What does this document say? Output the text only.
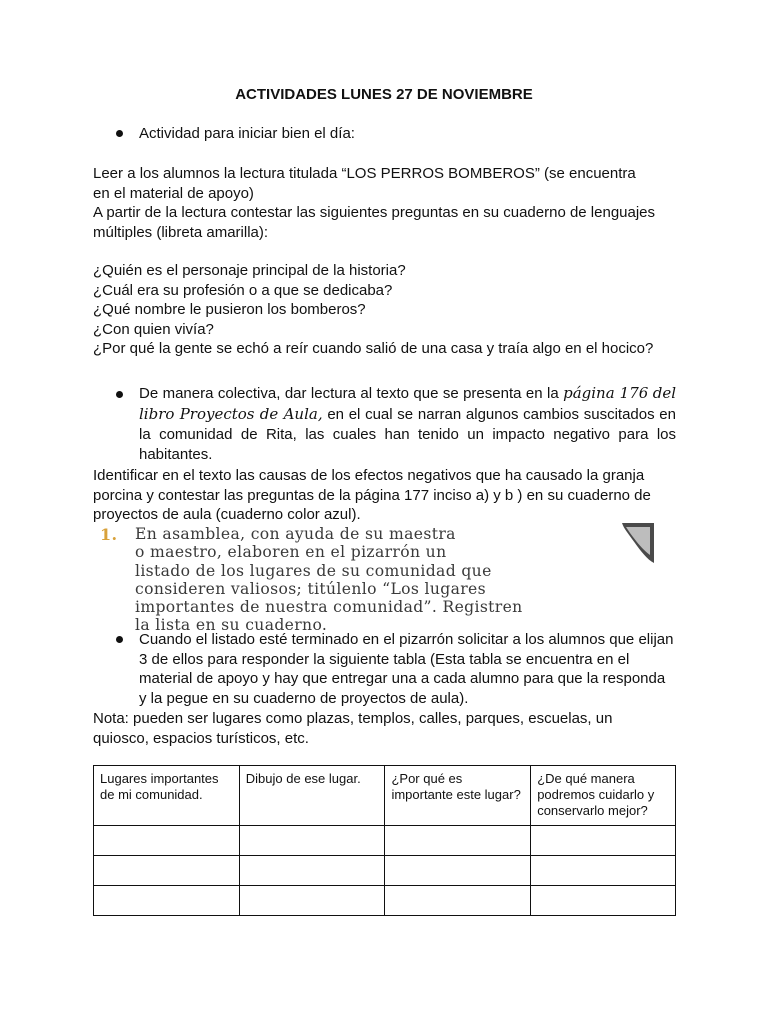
ACTIVIDADES LUNES 27 DE NOVIEMBRE
Actividad para iniciar bien el día:

Leer a los alumnos la lectura titulada “LOS PERROS BOMBEROS” (se encuentra

en el material de apoyo)

A partir de la lectura contestar las siguientes preguntas en su cuaderno de lenguajes

múltiples (libreta amarilla):

¿Quién es el personaje principal de la historia?

¿Cuál era su profesión o a que se dedicaba?

¿Qué nombre le pusieron los bomberos?

¿Con quien vivía?

¿Por qué la gente se echó a reír cuando salió de una casa y traía algo en el hocico?

De manera colectiva, dar lectura al texto que se presenta en la página 176 del libro Proyectos de Aula, en el cual se narran algunos cambios suscitados en la comunidad de Rita, las cuales han tenido un impacto negativo para los habitantes.

Identificar en el texto las causas de los efectos negativos que ha causado la granja

porcina y contestar las preguntas de la página 177 inciso a) y b ) en su cuaderno de

proyectos de aula (cuaderno color azul).

1. En asamblea, con ayuda de su maestra
o maestro, elaboren en el pizarrón un
listado de los lugares de su comunidad que
consideren valiosos; titúlenlo “Los lugares
importantes de nuestra comunidad”. Registren
la lista en su cuaderno.
Cuando el listado esté terminado en el pizarrón solicitar a los alumnos que elijan 3 de ellos para responder la siguiente tabla (Esta tabla se encuentra en el material de apoyo y hay que entregar una a cada alumno para que la responda y la pegue en su cuaderno de proyectos de aula).

Nota: pueden ser lugares como plazas, templos, calles, parques, escuelas, un

quiosco, espacios turísticos, etc.

Lugares importantes de mi comunidad.	Dibujo de ese lugar.	¿Por qué es importante este lugar?	¿De qué manera podremos cuidarlo y conservarlo mejor?
